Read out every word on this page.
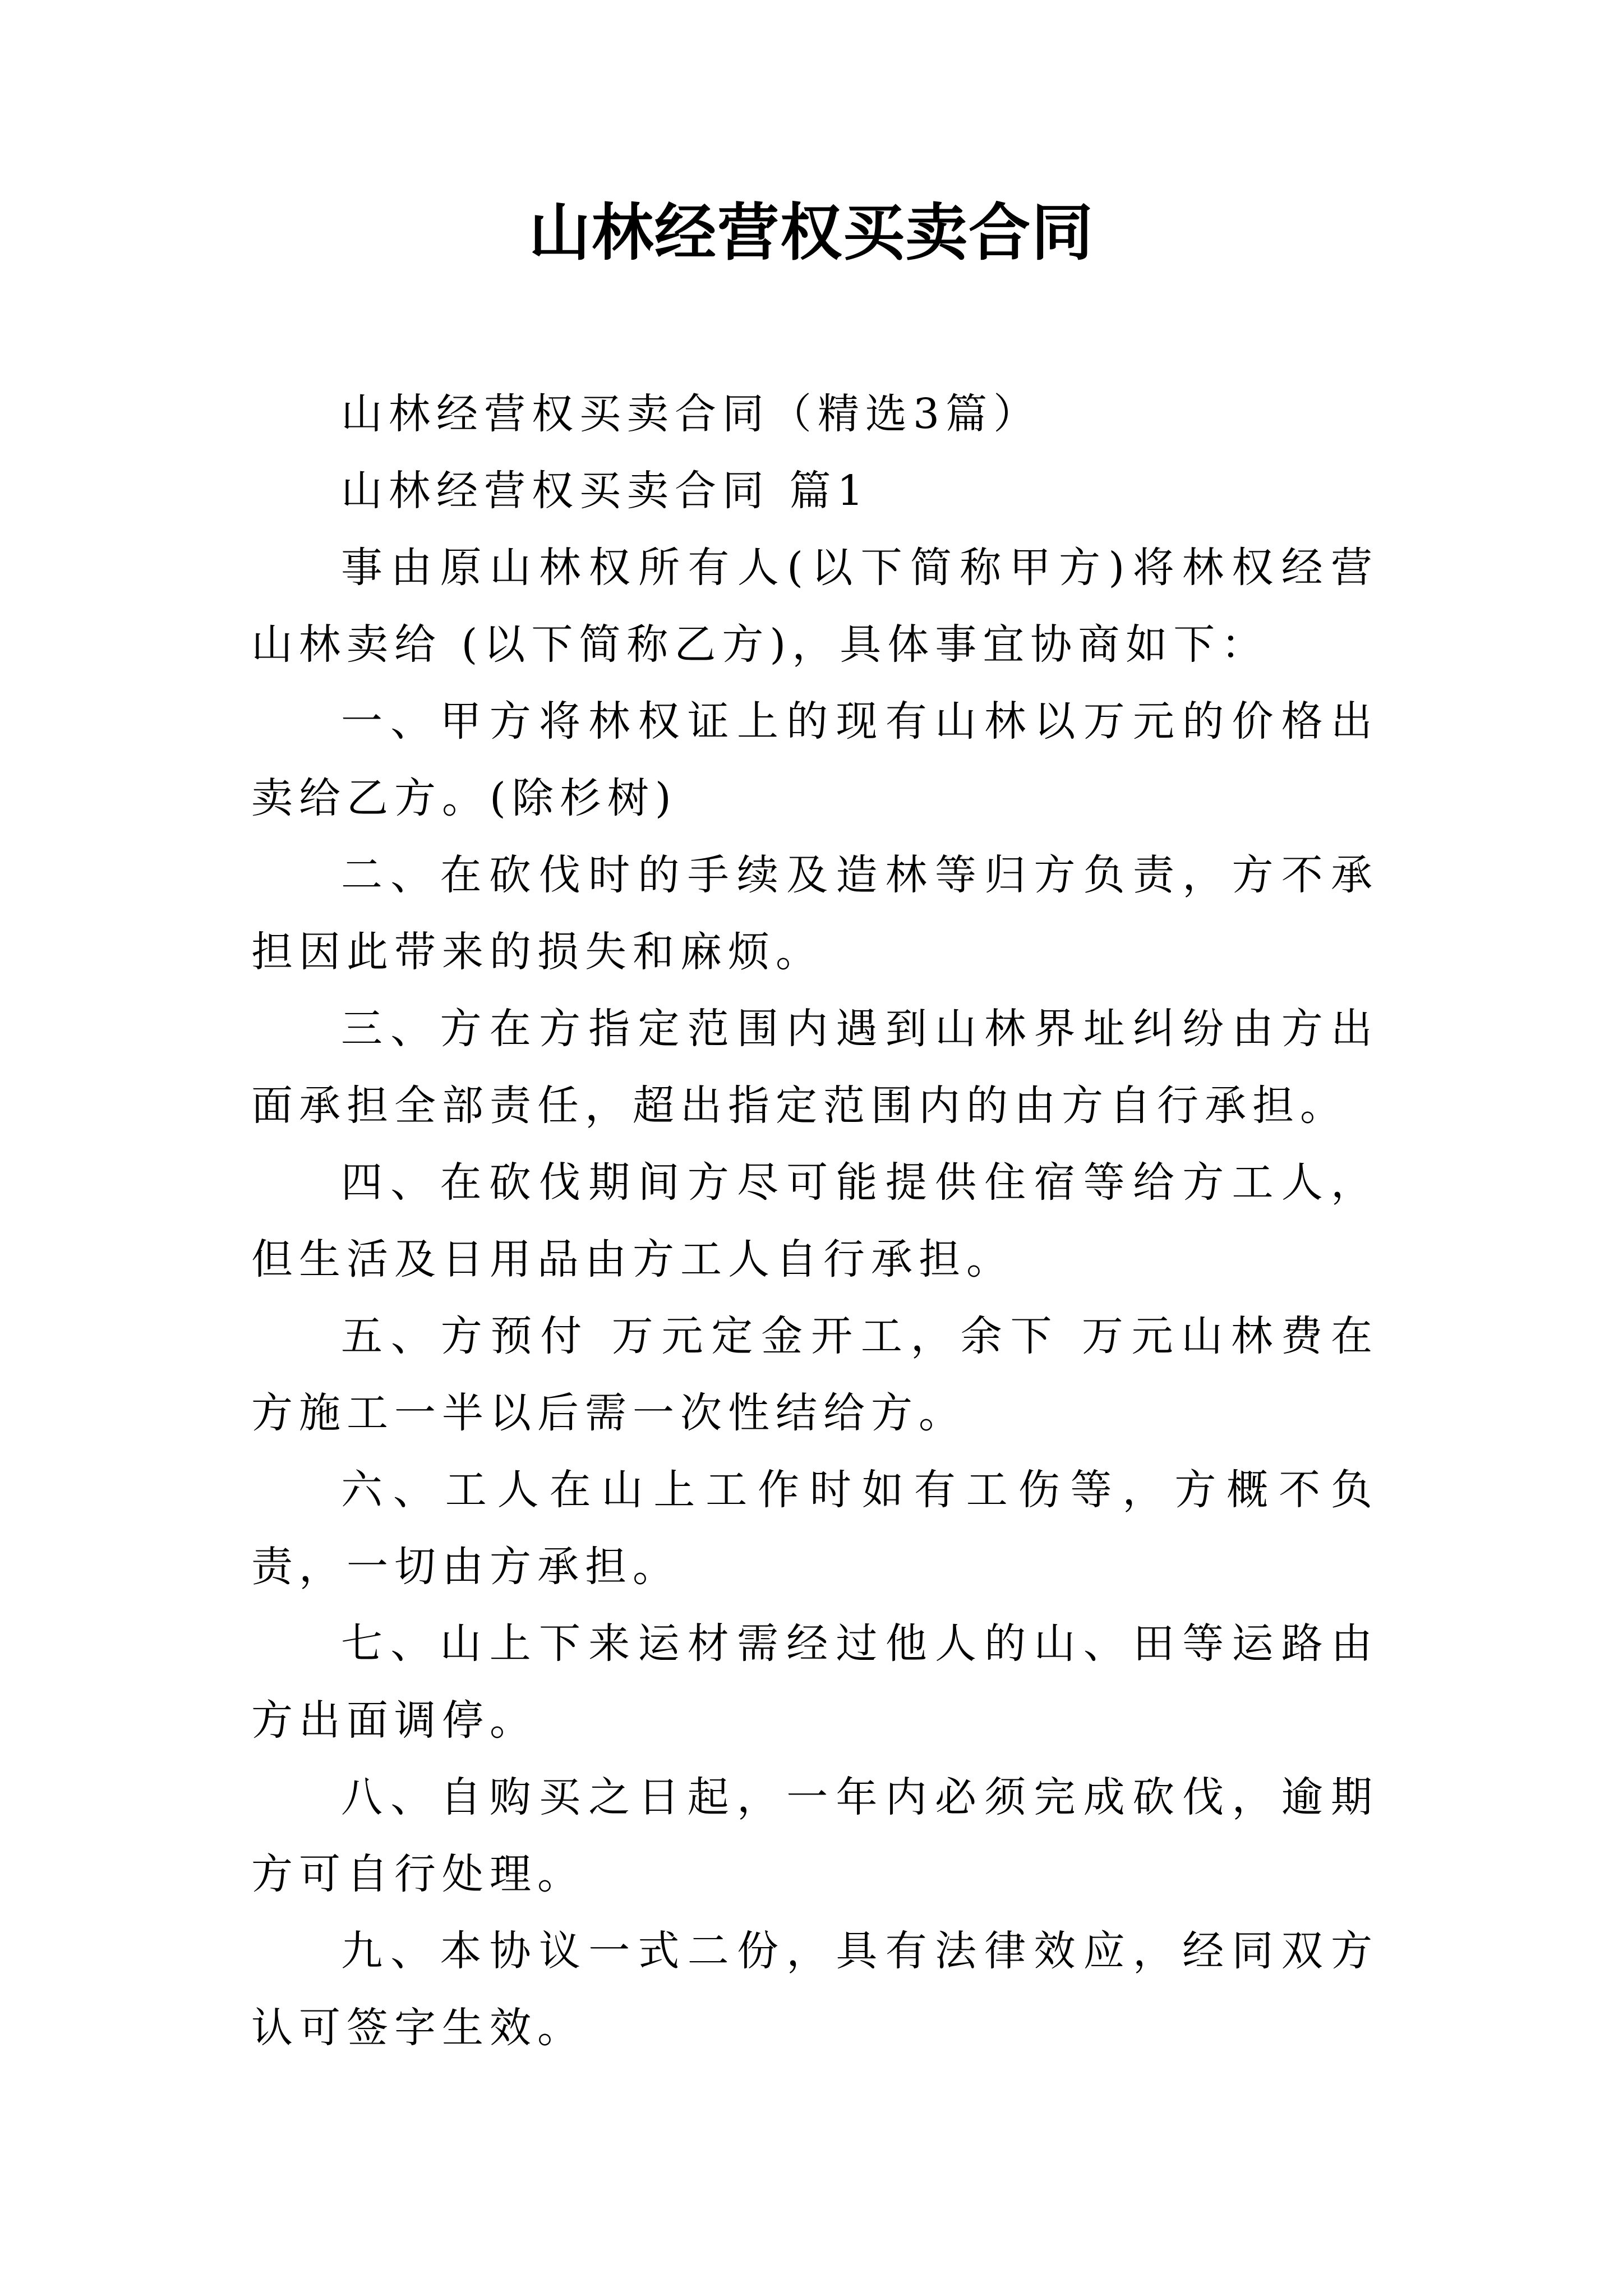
山林经营权买卖合同

山林经营权买卖合同（精选3篇）

山林经营权买卖合同 篇1

事由原山林权所有人(以下简称甲方)将林权经营山林卖给 (以下简称乙方)，具体事宜协商如下：

一、甲方将林权证上的现有山林以万元的价格出卖给乙方。(除杉树)

二、在砍伐时的手续及造林等归方负责，方不承担因此带来的损失和麻烦。

三、方在方指定范围内遇到山林界址纠纷由方出面承担全部责任，超出指定范围内的由方自行承担。

四、在砍伐期间方尽可能提供住宿等给方工人，但生活及日用品由方工人自行承担。

五、方预付 万元定金开工，余下 万元山林费在方施工一半以后需一次性结给方。

六、工人在山上工作时如有工伤等，方概不负责，一切由方承担。

七、山上下来运材需经过他人的山、田等运路由方出面调停。

八、自购买之日起，一年内必须完成砍伐，逾期方可自行处理。

九、本协议一式二份，具有法律效应，经同双方认可签字生效。
